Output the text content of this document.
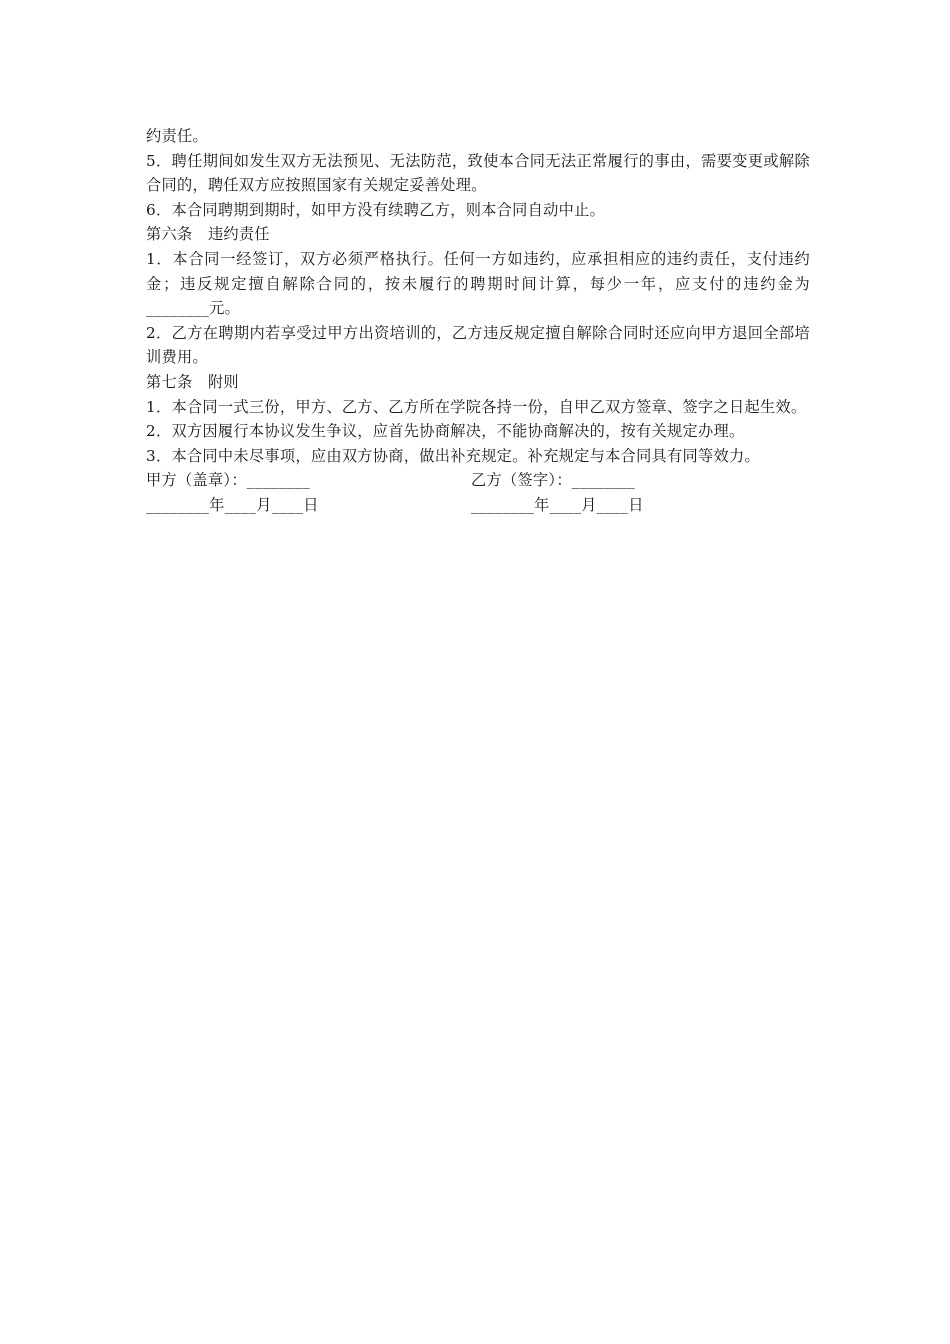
约责任。

5．聘任期间如发生双方无法预见、无法防范，致使本合同无法正常履行的事由，需要变更或解除合同的，聘任双方应按照国家有关规定妥善处理。

6．本合同聘期到期时，如甲方没有续聘乙方，则本合同自动中止。

第六条　违约责任

1．本合同一经签订，双方必须严格执行。任何一方如违约，应承担相应的违约责任，支付违约金；违反规定擅自解除合同的，按未履行的聘期时间计算，每少一年，应支付的违约金为________元。

2．乙方在聘期内若享受过甲方出资培训的，乙方违反规定擅自解除合同时还应向甲方退回全部培训费用。

第七条　附则

1．本合同一式三份，甲方、乙方、乙方所在学院各持一份，自甲乙双方签章、签字之日起生效。

2．双方因履行本协议发生争议，应首先协商解决，不能协商解决的，按有关规定办理。

3．本合同中未尽事项，应由双方协商，做出补充规定。补充规定与本合同具有同等效力。

甲方（盖章）：________	乙方（签字）：________
________年____月____日	________年____月____日
